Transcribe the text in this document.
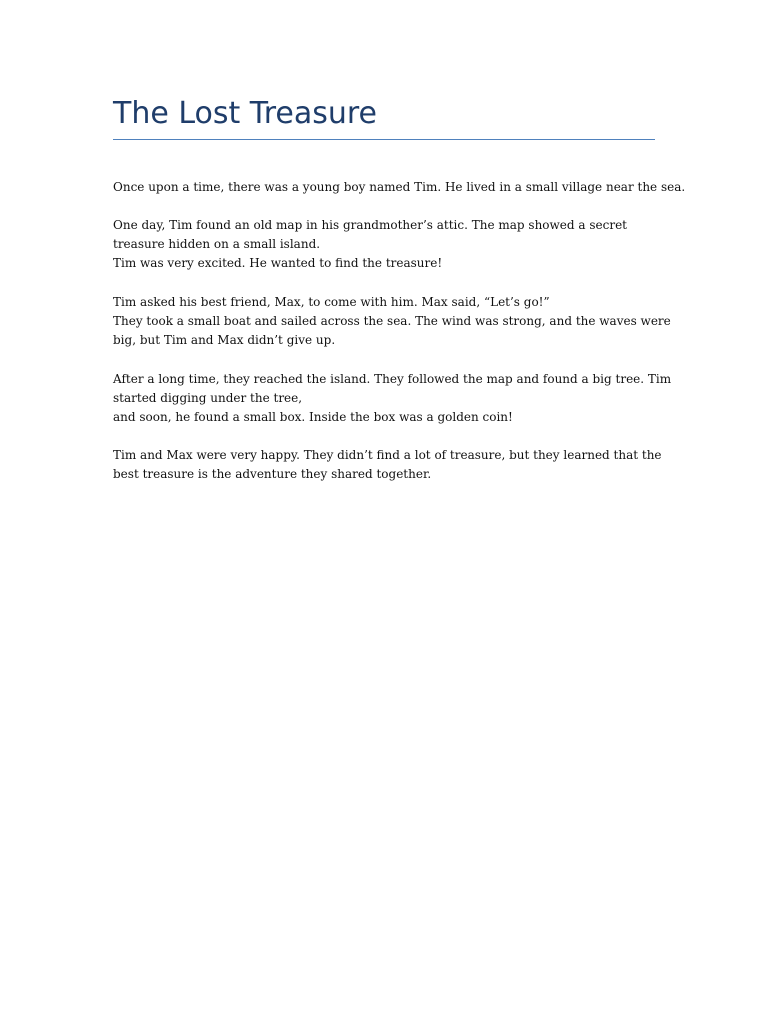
The Lost Treasure

Once upon a time, there was a young boy named Tim. He lived in a small village near the sea.

One day, Tim found an old map in his grandmother’s attic. The map showed a secret
treasure hidden on a small island.
Tim was very excited. He wanted to find the treasure!

Tim asked his best friend, Max, to come with him. Max said, “Let’s go!”
They took a small boat and sailed across the sea. The wind was strong, and the waves were
big, but Tim and Max didn’t give up.

After a long time, they reached the island. They followed the map and found a big tree. Tim
started digging under the tree,
and soon, he found a small box. Inside the box was a golden coin!

Tim and Max were very happy. They didn’t find a lot of treasure, but they learned that the
best treasure is the adventure they shared together.
